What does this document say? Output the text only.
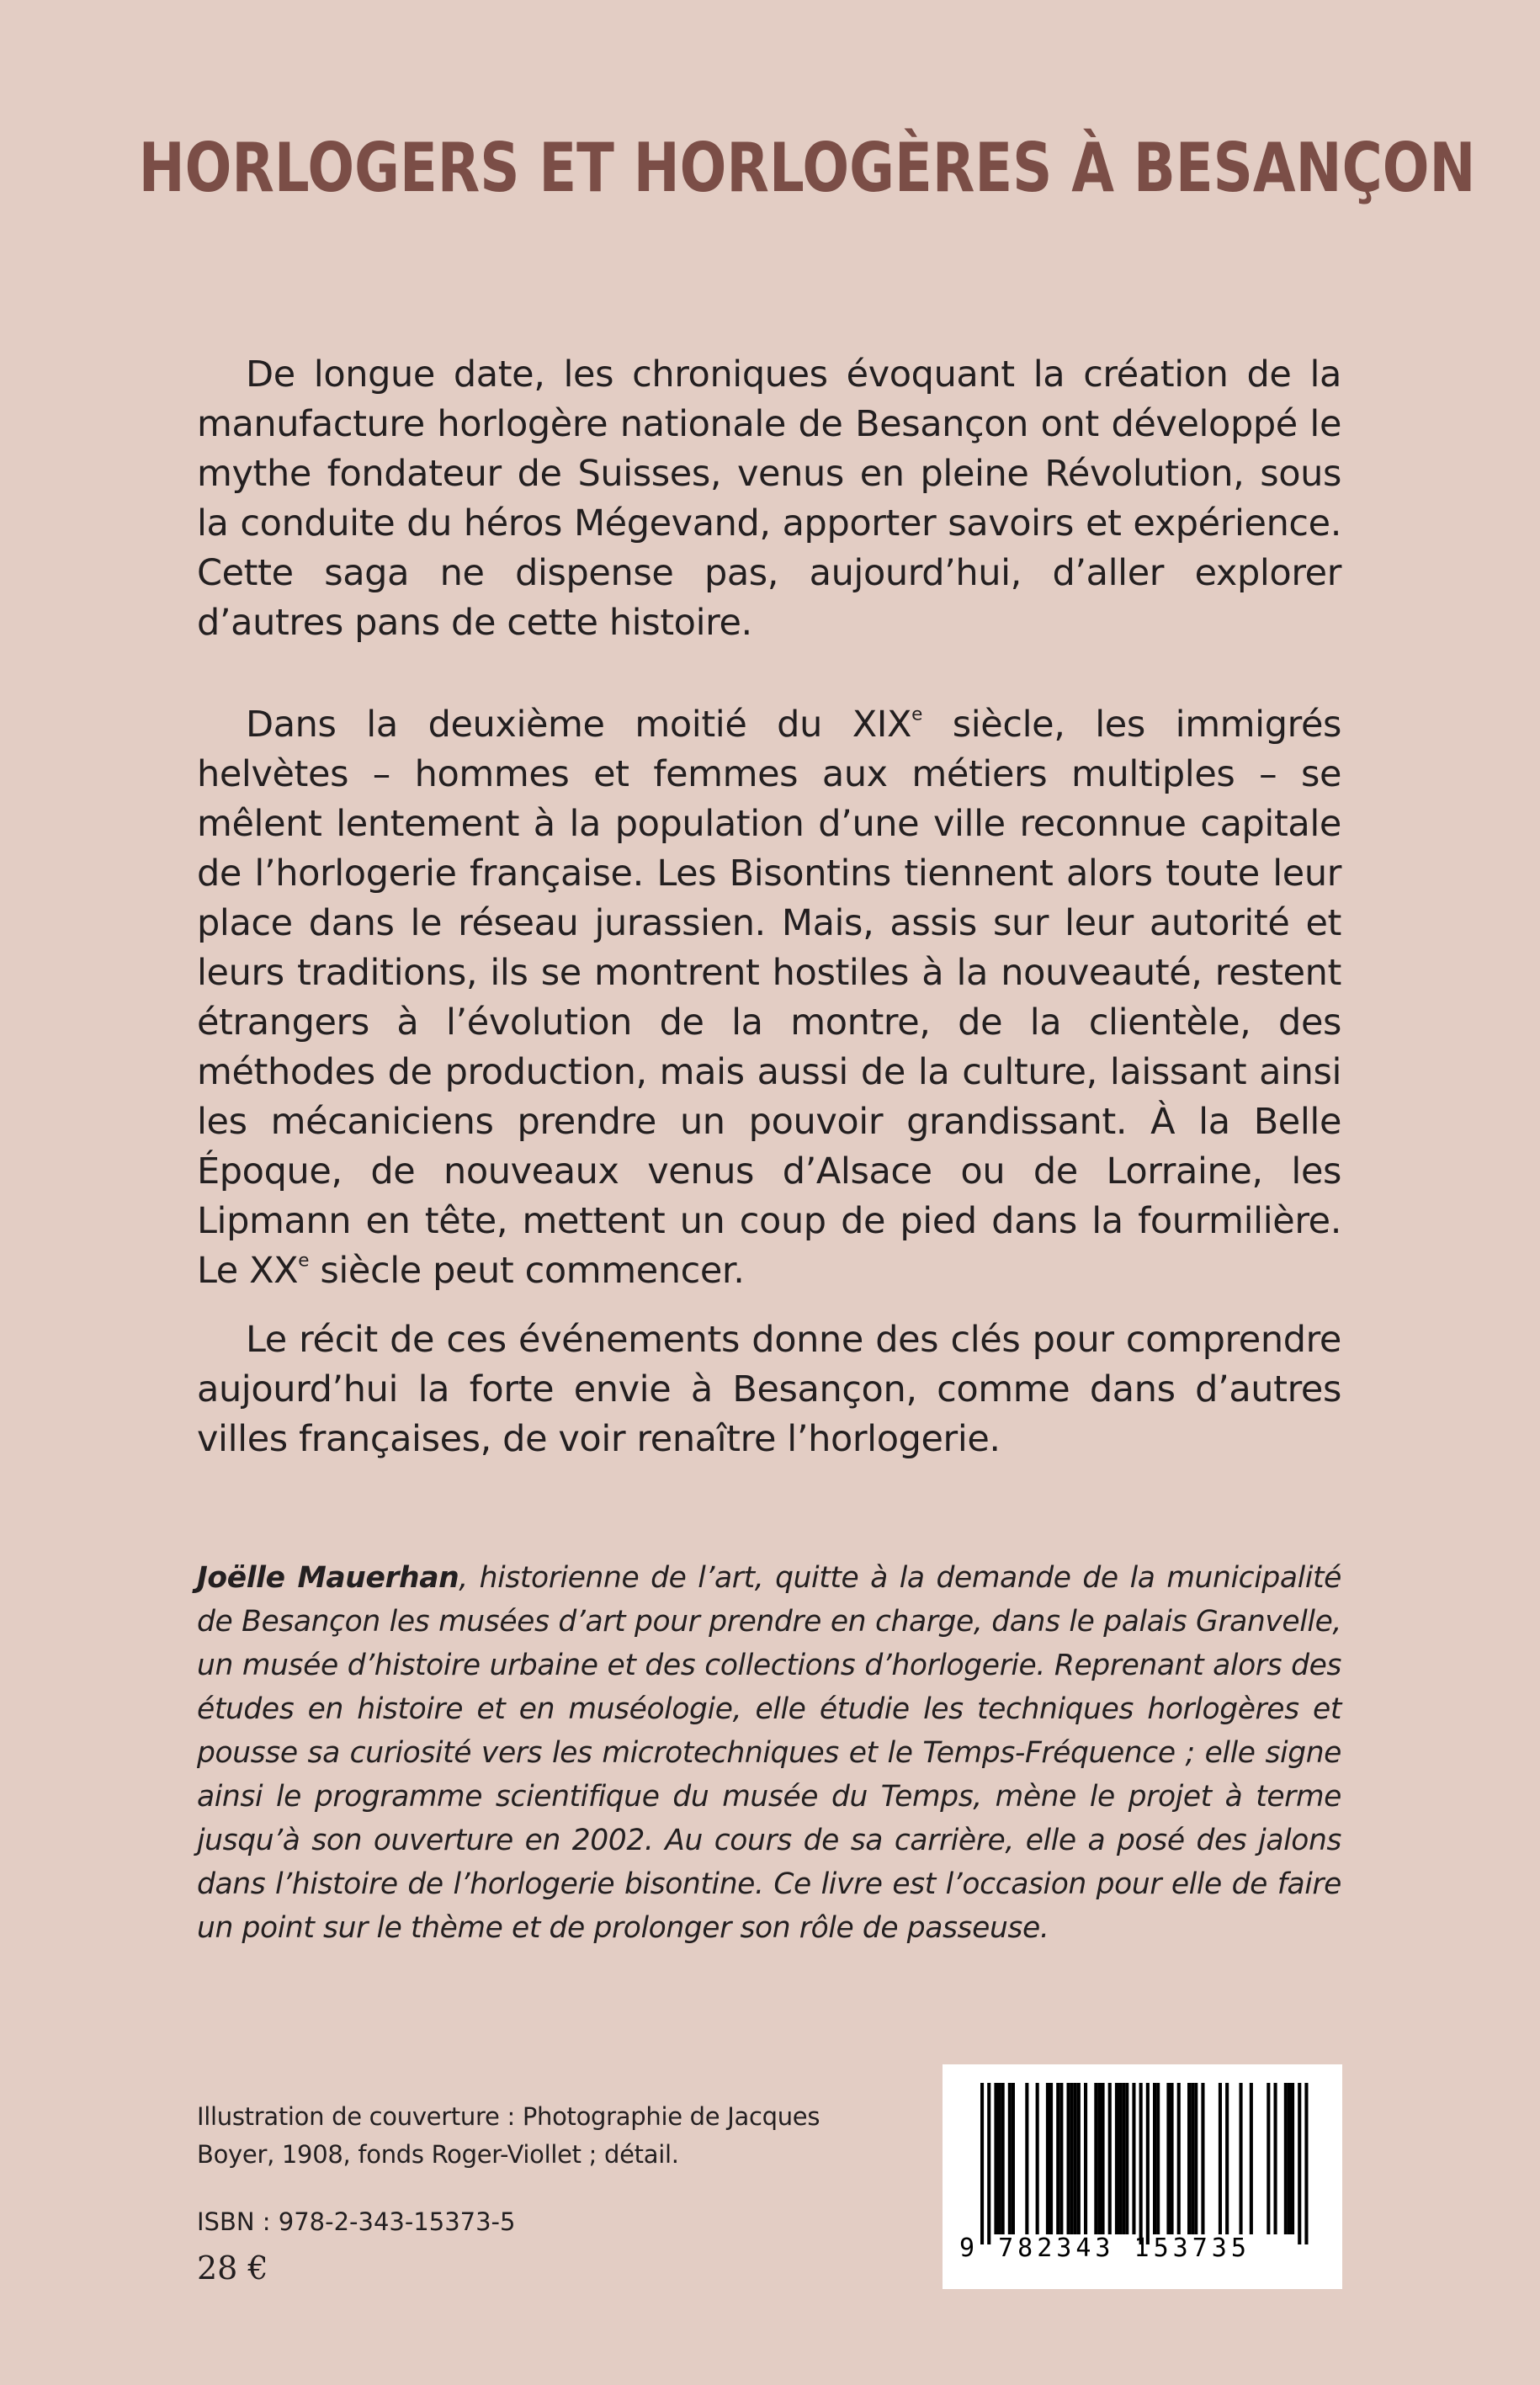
HORLOGERS ET HORLOGÈRES À BESANÇON

De longue date, les chroniques évoquant la création de la manufacture horlogère nationale de Besançon ont développé le mythe fondateur de Suisses, venus en pleine Révolution, sous la conduite du héros Mégevand, apporter savoirs et expérience. Cette saga ne dispense pas, aujourd’hui, d’aller explorer d’autres pans de cette histoire.

Dans la deuxième moitié du XIXe siècle, les immigrés helvètes – hommes et femmes aux métiers multiples – se mêlent lentement à la population d’une ville reconnue capitale de l’horlogerie française. Les Bisontins tiennent alors toute leur place dans le réseau jurassien. Mais, assis sur leur autorité et leurs traditions, ils se montrent hostiles à la nouveauté, restent étrangers à l’évolution de la montre, de la clientèle, des méthodes de production, mais aussi de la culture, laissant ainsi les mécaniciens prendre un pouvoir grandissant. À la Belle Époque, de nouveaux venus d’Alsace ou de Lorraine, les Lipmann en tête, mettent un coup de pied dans la fourmilière. Le XXe siècle peut commencer.

Le récit de ces événements donne des clés pour comprendre aujourd’hui la forte envie à Besançon, comme dans d’autres villes françaises, de voir renaître l’horlogerie.

Joëlle Mauerhan, historienne de l’art, quitte à la demande de la municipalité de Besançon les musées d’art pour prendre en charge, dans le palais Granvelle, un musée d’histoire urbaine et des collections d’horlogerie. Reprenant alors des études en histoire et en muséologie, elle étudie les techniques horlogères et pousse sa curiosité vers les microtechniques et le Temps-Fréquence ; elle signe ainsi le programme scientifique du musée du Temps, mène le projet à terme jusqu’à son ouverture en 2002. Au cours de sa carrière, elle a posé des jalons dans l’histoire de l’horlogerie bisontine. Ce livre est l’occasion pour elle de faire un point sur le thème et de prolonger son rôle de passeuse.

Illustration de couverture : Photographie de Jacques Boyer, 1908, fonds Roger-Viollet ; détail.

ISBN : 978-2-343-15373-5

28 €

9 782343 153735
